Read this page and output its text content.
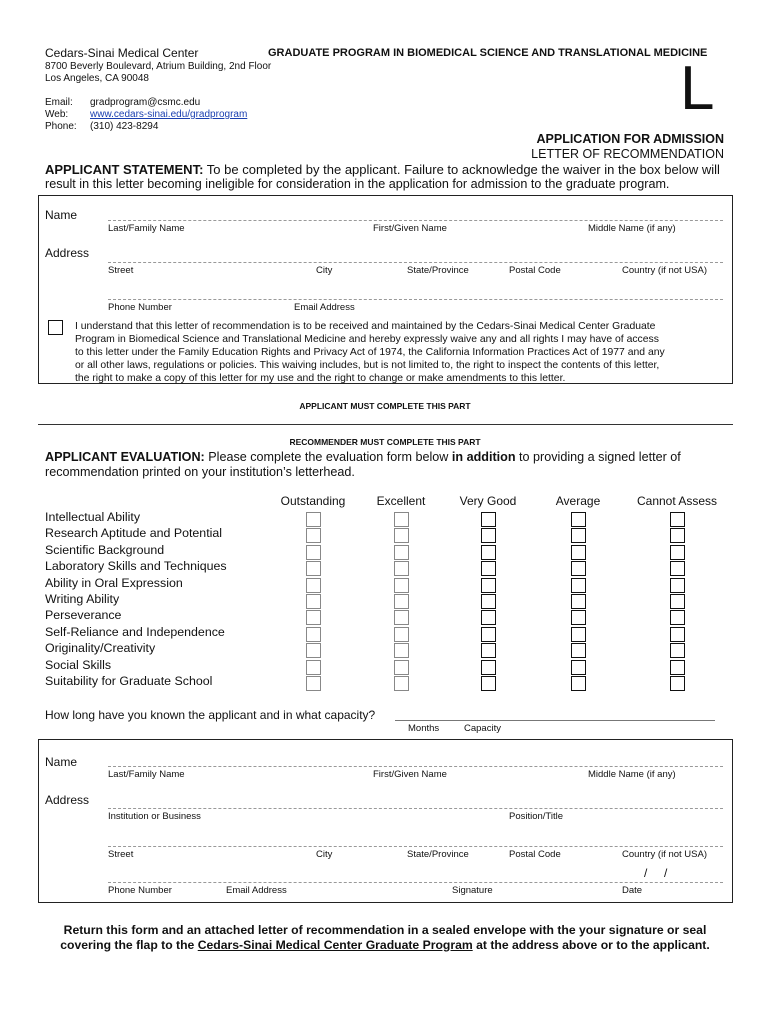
Cedars-Sinai Medical Center	GRADUATE PROGRAM IN BIOMEDICAL SCIENCE AND TRANSLATIONAL MEDICINE
8700 Beverly Boulevard, Atrium Building, 2nd Floor
Los Angeles, CA 90048
Email: gradprogram@csmc.edu
Web: www.cedars-sinai.edu/gradprogram
Phone: (310) 423-8294
L
APPLICATION FOR ADMISSION
LETTER OF RECOMMENDATION
APPLICANT STATEMENT: To be completed by the applicant. Failure to acknowledge the waiver in the box below will
result in this letter becoming ineligible for consideration in the application for admission to the graduate program.
Name
Last/Family Name	First/Given Name	Middle Name (if any)
Address
Street	City	State/Province	Postal Code	Country (if not USA)
Phone Number	Email Address
I understand that this letter of recommendation is to be received and maintained by the Cedars-Sinai Medical Center Graduate
Program in Biomedical Science and Translational Medicine and hereby expressly waive any and all rights I may have of access
to this letter under the Family Education Rights and Privacy Act of 1974, the California Information Practices Act of 1977 and any
or all other laws, regulations or policies. This waiving includes, but is not limited to, the right to inspect the contents of this letter,
the right to make a copy of this letter for my use and the right to change or make amendments to this letter.
APPLICANT MUST COMPLETE THIS PART
RECOMMENDER MUST COMPLETE THIS PART
APPLICANT EVALUATION: Please complete the evaluation form below in addition to providing a signed letter of
recommendation printed on your institution’s letterhead.
Outstanding	Excellent	Very Good	Average	Cannot Assess
Intellectual Ability
Research Aptitude and Potential
Scientific Background
Laboratory Skills and Techniques
Ability in Oral Expression
Writing Ability
Perseverance
Self-Reliance and Independence
Originality/Creativity
Social Skills
Suitability for Graduate School
How long have you known the applicant and in what capacity?
Months	Capacity
Name
Last/Family Name	First/Given Name	Middle Name (if any)
Address
Institution or Business	Position/Title
Street	City	State/Province	Postal Code	Country (if not USA)
/     /
Phone Number	Email Address	Signature	Date
Return this form and an attached letter of recommendation in a sealed envelope with the your signature or seal
covering the flap to the Cedars-Sinai Medical Center Graduate Program at the address above or to the applicant.
